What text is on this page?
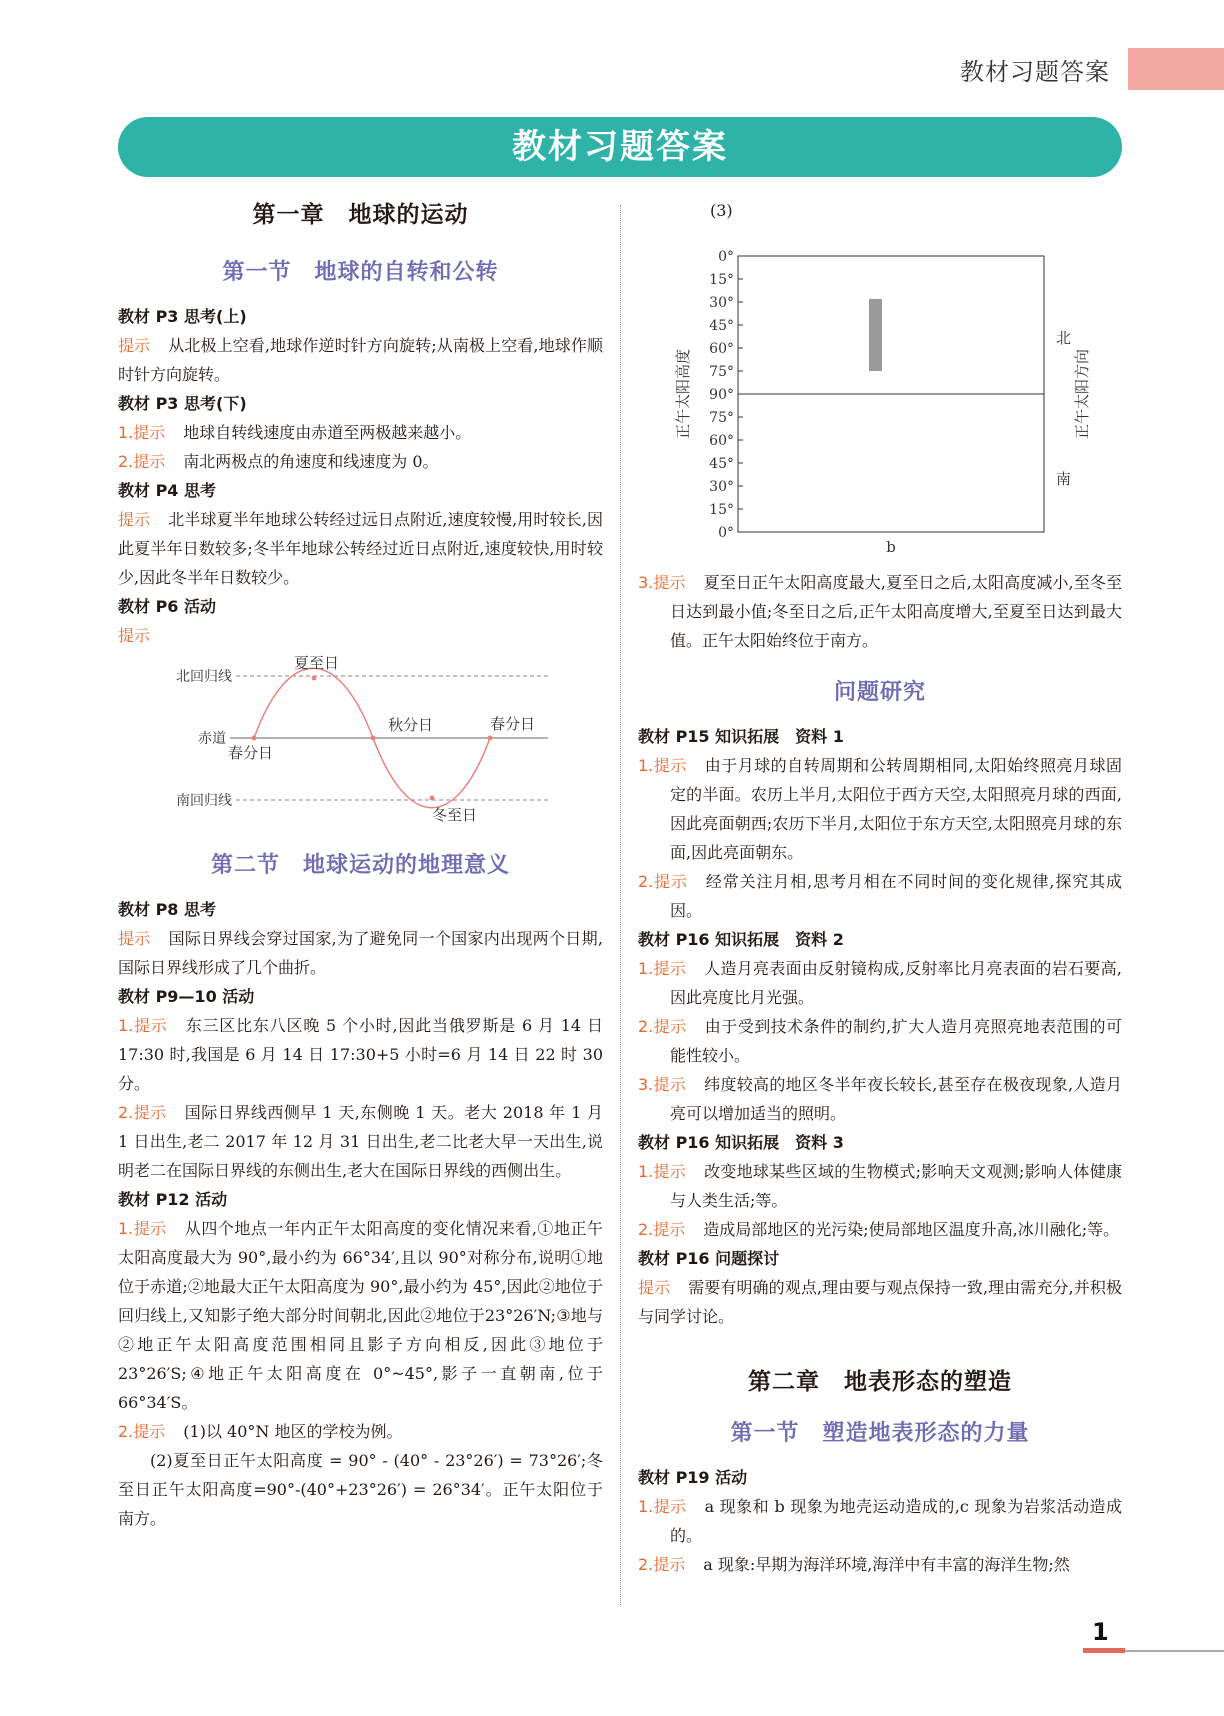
教材习题答案
教材习题答案
第一章　地球的运动
第一节　地球的自转和公转

教材 P3 思考(上)

提示 从北极上空看,地球作逆时针方向旋转;从南极上空看,地球作顺时针方向旋转。

教材 P3 思考(下)

1.提示 地球自转线速度由赤道至两极越来越小。

2.提示 南北两极点的角速度和线速度为 0。

教材 P4 思考

提示 北半球夏半年地球公转经过远日点附近,速度较慢,用时较长,因此夏半年日数较多;冬半年地球公转经过近日点附近,速度较快,用时较少,因此冬半年日数较少。

教材 P6 活动

提示

北回归线
赤道
南回归线
夏至日
春分日
秋分日	春分日
冬至日
第二节　地球运动的地理意义

教材 P8 思考

提示 国际日界线会穿过国家,为了避免同一个国家内出现两个日期,国际日界线形成了几个曲折。

教材 P9—10 活动

1.提示 东三区比东八区晚 5 个小时,因此当俄罗斯是 6 月 14 日 17:30 时,我国是 6 月 14 日 17:30+5 小时=6 月 14 日 22 时 30 分。

2.提示 国际日界线西侧早 1 天,东侧晚 1 天。老大 2018 年 1 月 1 日出生,老二 2017 年 12 月 31 日出生,老二比老大早一天出生,说明老二在国际日界线的东侧出生,老大在国际日界线的西侧出生。

教材 P12 活动

1.提示 从四个地点一年内正午太阳高度的变化情况来看,①地正午太阳高度最大为 90°,最小约为 66°34′,且以 90°对称分布,说明①地位于赤道;②地最大正午太阳高度为 90°,最小约为 45°,因此②地位于回归线上,又知影子绝大部分时间朝北,因此②地位于23°26′N;③地与②地正午太阳高度范围相同且影子方向相反,因此③地位于 23°26′S;④地正午太阳高度在 0°~45°,影子一直朝南,位于 66°34′S。

2.提示 (1)以 40°N 地区的学校为例。

(2)夏至日正午太阳高度 = 90° - (40° - 23°26′) = 73°26′;冬至日正午太阳高度=90°-(40°+23°26′) = 26°34′。正午太阳位于南方。

(3)
0°
15°
30°
45°
60°
75°
90°
75°
60°
45°
30°
15°
0°
正午太阳高度
b
北
南
正午太阳方向

3.提示 夏至日正午太阳高度最大,夏至日之后,太阳高度减小,至冬至日达到最小值;冬至日之后,正午太阳高度增大,至夏至日达到最大值。正午太阳始终位于南方。

问题研究

教材 P15 知识拓展　资料 1

1.提示 由于月球的自转周期和公转周期相同,太阳始终照亮月球固定的半面。农历上半月,太阳位于西方天空,太阳照亮月球的西面,因此亮面朝西;农历下半月,太阳位于东方天空,太阳照亮月球的东面,因此亮面朝东。

2.提示 经常关注月相,思考月相在不同时间的变化规律,探究其成因。

教材 P16 知识拓展　资料 2

1.提示 人造月亮表面由反射镜构成,反射率比月亮表面的岩石要高,因此亮度比月光强。

2.提示 由于受到技术条件的制约,扩大人造月亮照亮地表范围的可能性较小。

3.提示 纬度较高的地区冬半年夜长较长,甚至存在极夜现象,人造月亮可以增加适当的照明。

教材 P16 知识拓展　资料 3

1.提示 改变地球某些区域的生物模式;影响天文观测;影响人体健康与人类生活;等。

2.提示 造成局部地区的光污染;使局部地区温度升高,冰川融化;等。

教材 P16 问题探讨

提示 需要有明确的观点,理由要与观点保持一致,理由需充分,并积极与同学讨论。

第二章　地表形态的塑造
第一节　塑造地表形态的力量

教材 P19 活动

1.提示 a 现象和 b 现象为地壳运动造成的,c 现象为岩浆活动造成的。

2.提示 a 现象:早期为海洋环境,海洋中有丰富的海洋生物;然

1
